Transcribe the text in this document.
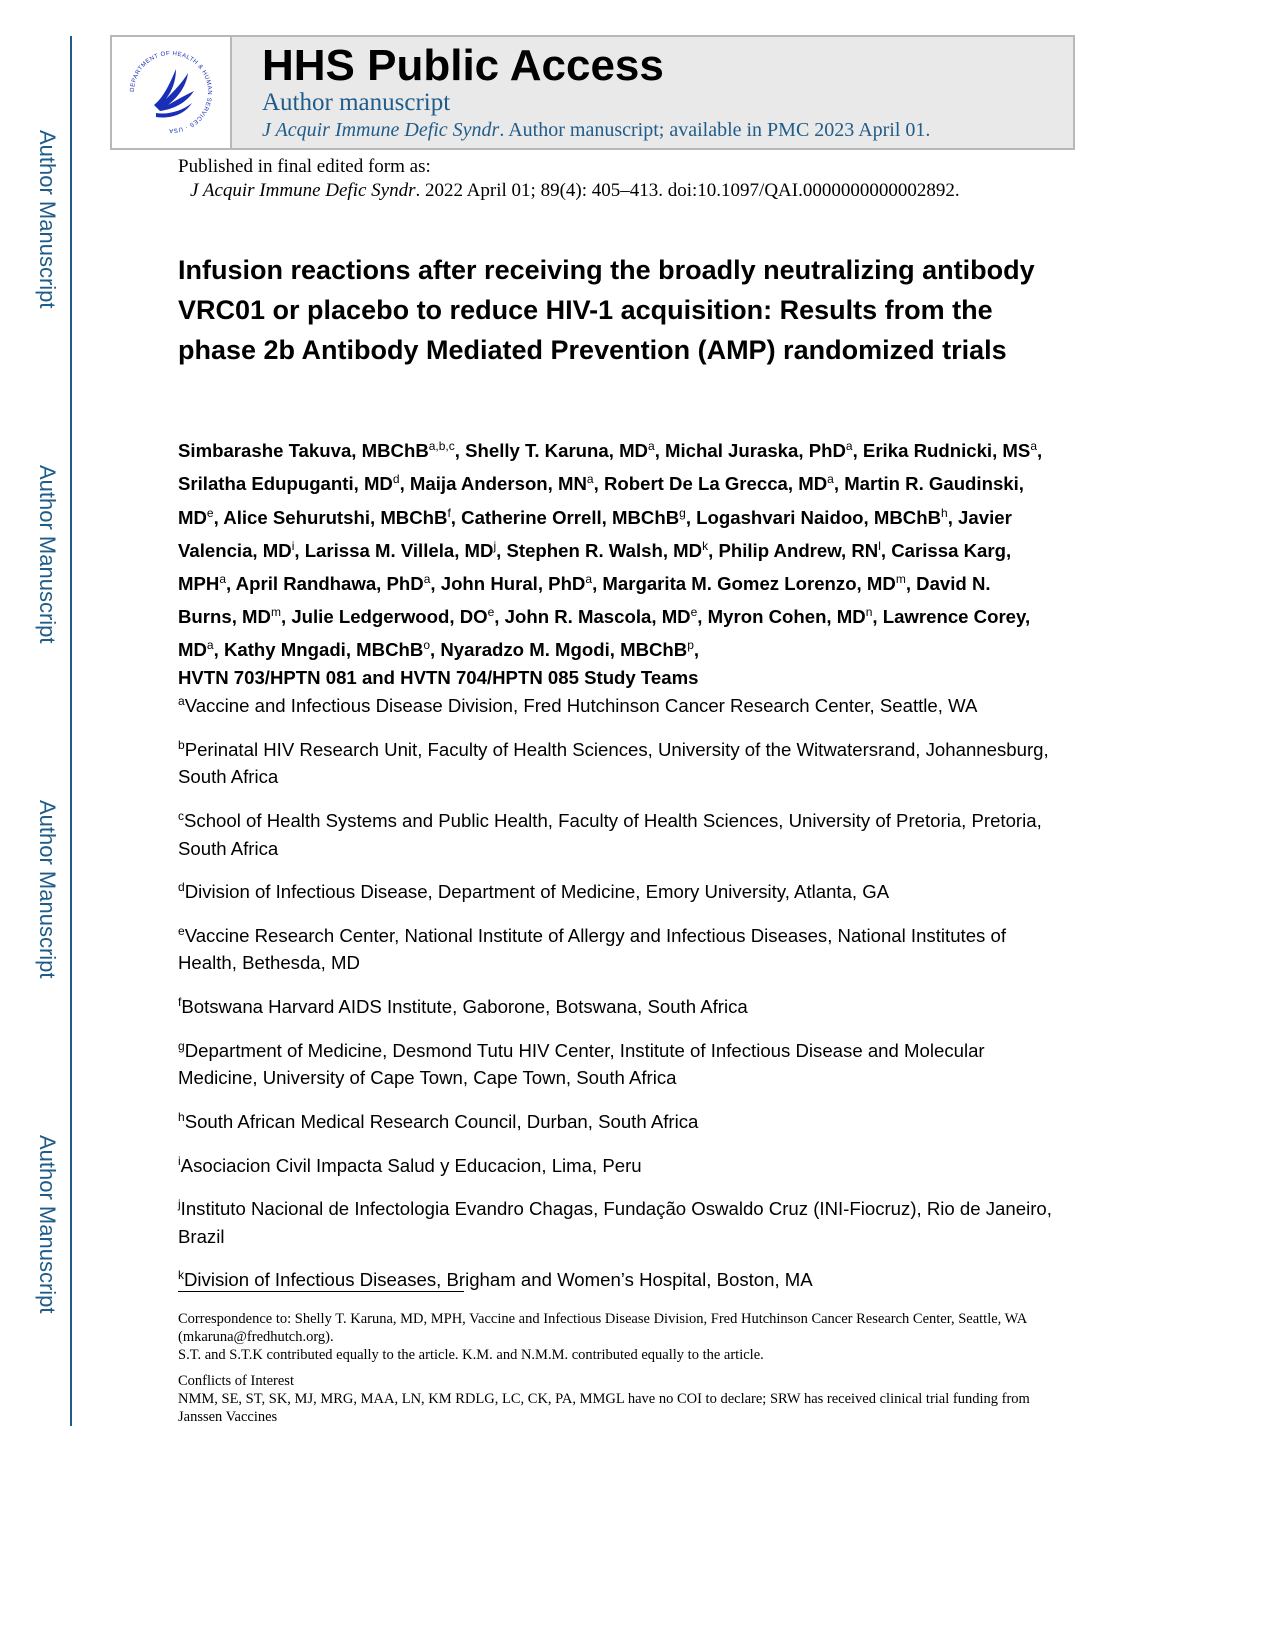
Author Manuscript
Author Manuscript
Author Manuscript
Author Manuscript
DEPARTMENT OF HEALTH & HUMAN SERVICES · USA
HHS Public Access
Author manuscript
J Acquir Immune Defic Syndr. Author manuscript; available in PMC 2023 April 01.
Published in final edited form as:
J Acquir Immune Defic Syndr. 2022 April 01; 89(4): 405–413. doi:10.1097/QAI.0000000000002892.
Infusion reactions after receiving the broadly neutralizing antibody VRC01 or placebo to reduce HIV-1 acquisition: Results from the phase 2b Antibody Mediated Prevention (AMP) randomized trials
Simbarashe Takuva, MBChB$^{a,b,c}$, Shelly T. Karuna, $MD^a$, Michal Juraska, PhD$^a$, Erika Rudnicki, $MS^a$, Srilatha Edupuganti, $MD^d$, Maija Anderson, $MN^a$, Robert De La Grecca, $MD^a$, Martin R. Gaudinski, MDe, Alice Sehurutshi, MBChB$^f$, Catherine Orrell, MBChB$^g$, Logashvari Naidoo, MBChB$^h$, Javier Valencia, $MD^i$, Larissa M. Villela, $MD^j$, Stephen R. Walsh, $MD^k$, Philip Andrew, $RN^l$, Carissa Karg, MPH$^a$, April Randhawa, PhD$^a$, John Hural, PhD$^a$, Margarita M. Gomez Lorenzo, $MD^m$, David N. Burns, $MD^m$, Julie Ledgerwood, $DO^e$, John R. Mascola, MDe, Myron Cohen, $MD^n$, Lawrence Corey, $MD^a$, Kathy Mngadi, MBChB$^o$, Nyaradzo M. Mgodi, MBChB$^p$,
HVTN 703/HPTN 081 and HVTN 704/HPTN 085 Study Teams
$^a$Vaccine and Infectious Disease Division, Fred Hutchinson Cancer Research Center, Seattle, WA
$^b$Perinatal HIV Research Unit, Faculty of Health Sciences, University of the Witwatersrand, Johannesburg, South Africa
$^c$School of Health Systems and Public Health, Faculty of Health Sciences, University of Pretoria, Pretoria, South Africa
$^d$Division of Infectious Disease, Department of Medicine, Emory University, Atlanta, GA
$^e$Vaccine Research Center, National Institute of Allergy and Infectious Diseases, National Institutes of Health, Bethesda, MD
$^f$Botswana Harvard AIDS Institute, Gaborone, Botswana, South Africa
$^g$Department of Medicine, Desmond Tutu HIV Center, Institute of Infectious Disease and Molecular Medicine, University of Cape Town, Cape Town, South Africa
$^h$South African Medical Research Council, Durban, South Africa
$^i$Asociacion Civil Impacta Salud y Educacion, Lima, Peru
$^j$Instituto Nacional de Infectologia Evandro Chagas, Fundação Oswaldo Cruz (INI-Fiocruz), Rio de Janeiro, Brazil
$^k$Division of Infectious Diseases, Brigham and Women’s Hospital, Boston, MA

Correspondence to: Shelly T. Karuna, MD, MPH, Vaccine and Infectious Disease Division, Fred Hutchinson Cancer Research Center, Seattle, WA (mkaruna@fredhutch.org).

S.T. and S.T.K contributed equally to the article. K.M. and N.M.M. contributed equally to the article.

Conflicts of Interest

NMM, SE, ST, SK, MJ, MRG, MAA, LN, KM RDLG, LC, CK, PA, MMGL have no COI to declare; SRW has received clinical trial funding from Janssen Vaccines
